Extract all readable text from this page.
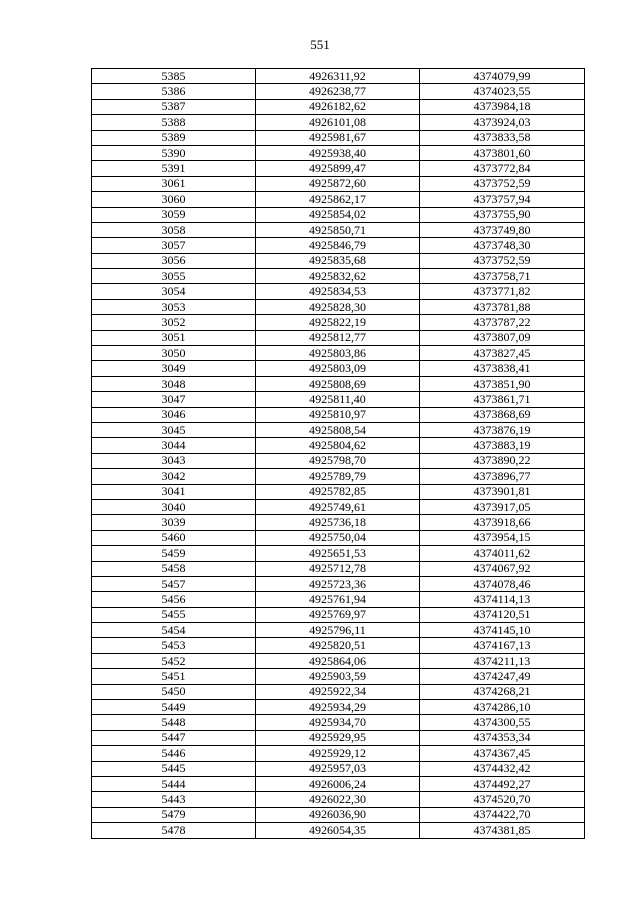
551
5385	4926311,92	4374079,99
5386	4926238,77	4374023,55
5387	4926182,62	4373984,18
5388	4926101,08	4373924,03
5389	4925981,67	4373833,58
5390	4925938,40	4373801,60
5391	4925899,47	4373772,84
3061	4925872,60	4373752,59
3060	4925862,17	4373757,94
3059	4925854,02	4373755,90
3058	4925850,71	4373749,80
3057	4925846,79	4373748,30
3056	4925835,68	4373752,59
3055	4925832,62	4373758,71
3054	4925834,53	4373771,82
3053	4925828,30	4373781,88
3052	4925822,19	4373787,22
3051	4925812,77	4373807,09
3050	4925803,86	4373827,45
3049	4925803,09	4373838,41
3048	4925808,69	4373851,90
3047	4925811,40	4373861,71
3046	4925810,97	4373868,69
3045	4925808,54	4373876,19
3044	4925804,62	4373883,19
3043	4925798,70	4373890,22
3042	4925789,79	4373896,77
3041	4925782,85	4373901,81
3040	4925749,61	4373917,05
3039	4925736,18	4373918,66
5460	4925750,04	4373954,15
5459	4925651,53	4374011,62
5458	4925712,78	4374067,92
5457	4925723,36	4374078,46
5456	4925761,94	4374114,13
5455	4925769,97	4374120,51
5454	4925796,11	4374145,10
5453	4925820,51	4374167,13
5452	4925864,06	4374211,13
5451	4925903,59	4374247,49
5450	4925922,34	4374268,21
5449	4925934,29	4374286,10
5448	4925934,70	4374300,55
5447	4925929,95	4374353,34
5446	4925929,12	4374367,45
5445	4925957,03	4374432,42
5444	4926006,24	4374492,27
5443	4926022,30	4374520,70
5479	4926036,90	4374422,70
5478	4926054,35	4374381,85
